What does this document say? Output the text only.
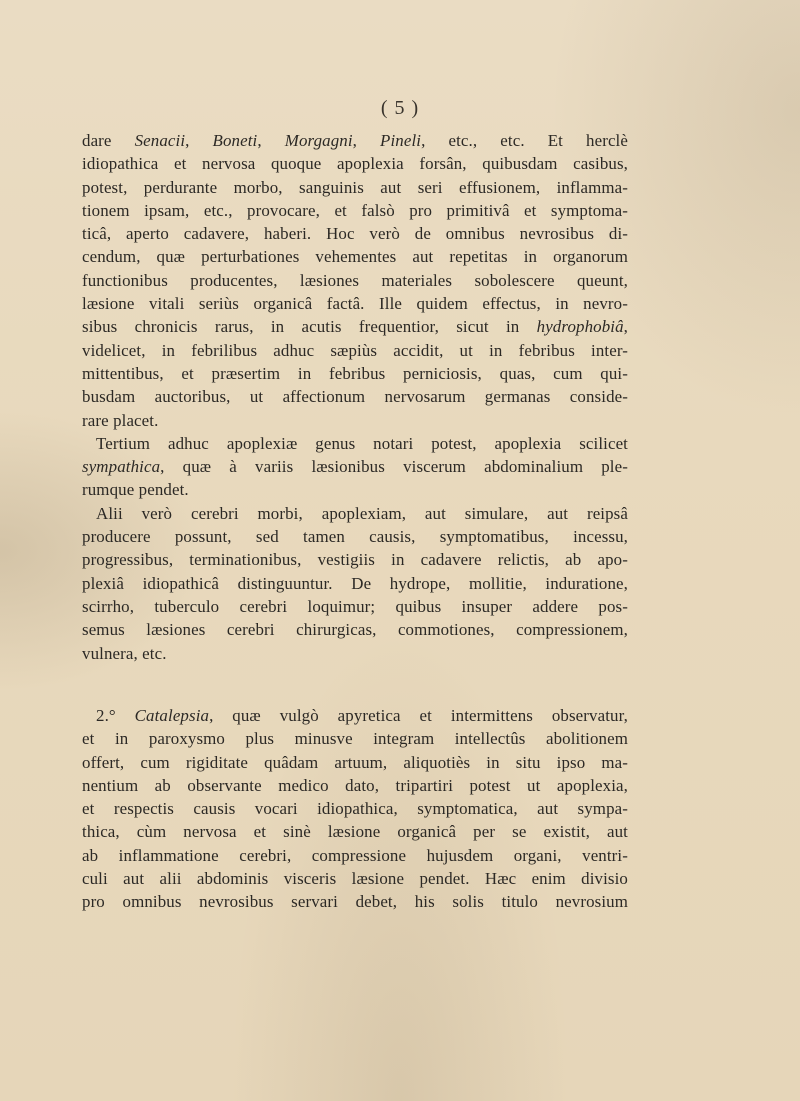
( 5 )
dare Senacii, Boneti, Morgagni, Pineli, etc., etc. Et herclè
idiopathica et nervosa quoque apoplexia forsân, quibusdam casibus,
potest, perdurante morbo, sanguinis aut seri effusionem, inflamma-
tionem ipsam, etc., provocare, et falsò pro primitivâ et symptoma-
ticâ, aperto cadavere, haberi. Hoc verò de omnibus nevrosibus di-
cendum, quæ perturbationes vehementes aut repetitas in organorum
functionibus producentes, læsiones materiales sobolescere queunt,
læsione vitali seriùs organicâ factâ. Ille quidem effectus, in nevro-
sibus chronicis rarus, in acutis frequentior, sicut in hydrophobiâ,
videlicet, in febrilibus adhuc sæpiùs accidit, ut in febribus inter-
mittentibus, et præsertim in febribus perniciosis, quas, cum qui-
busdam auctoribus, ut affectionum nervosarum germanas conside-
rare placet.
Tertium adhuc apoplexiæ genus notari potest, apoplexia scilicet
sympathica, quæ à variis læsionibus viscerum abdominalium ple-
rumque pendet.
Alii verò cerebri morbi, apoplexiam, aut simulare, aut reipsâ
producere possunt, sed tamen causis, symptomatibus, incessu,
progressibus, terminationibus, vestigiis in cadavere relictis, ab apo-
plexiâ idiopathicâ distinguuntur. De hydrope, mollitie, induratione,
scirrho, tuberculo cerebri loquimur; quibus insuper addere pos-
semus læsiones cerebri chirurgicas, commotiones, compressionem,
vulnera, etc.
2.° Catalepsia, quæ vulgò apyretica et intermittens observatur,
et in paroxysmo plus minusve integram intellectûs abolitionem
offert, cum rigiditate quâdam artuum, aliquotiès in situ ipso ma-
nentium ab observante medico dato, tripartiri potest ut apoplexia,
et respectis causis vocari idiopathica, symptomatica, aut sympa-
thica, cùm nervosa et sinè læsione organicâ per se existit, aut
ab inflammatione cerebri, compressione hujusdem organi, ventri-
culi aut alii abdominis visceris læsione pendet. Hæc enim divisio
pro omnibus nevrosibus servari debet, his solis titulo nevrosium
